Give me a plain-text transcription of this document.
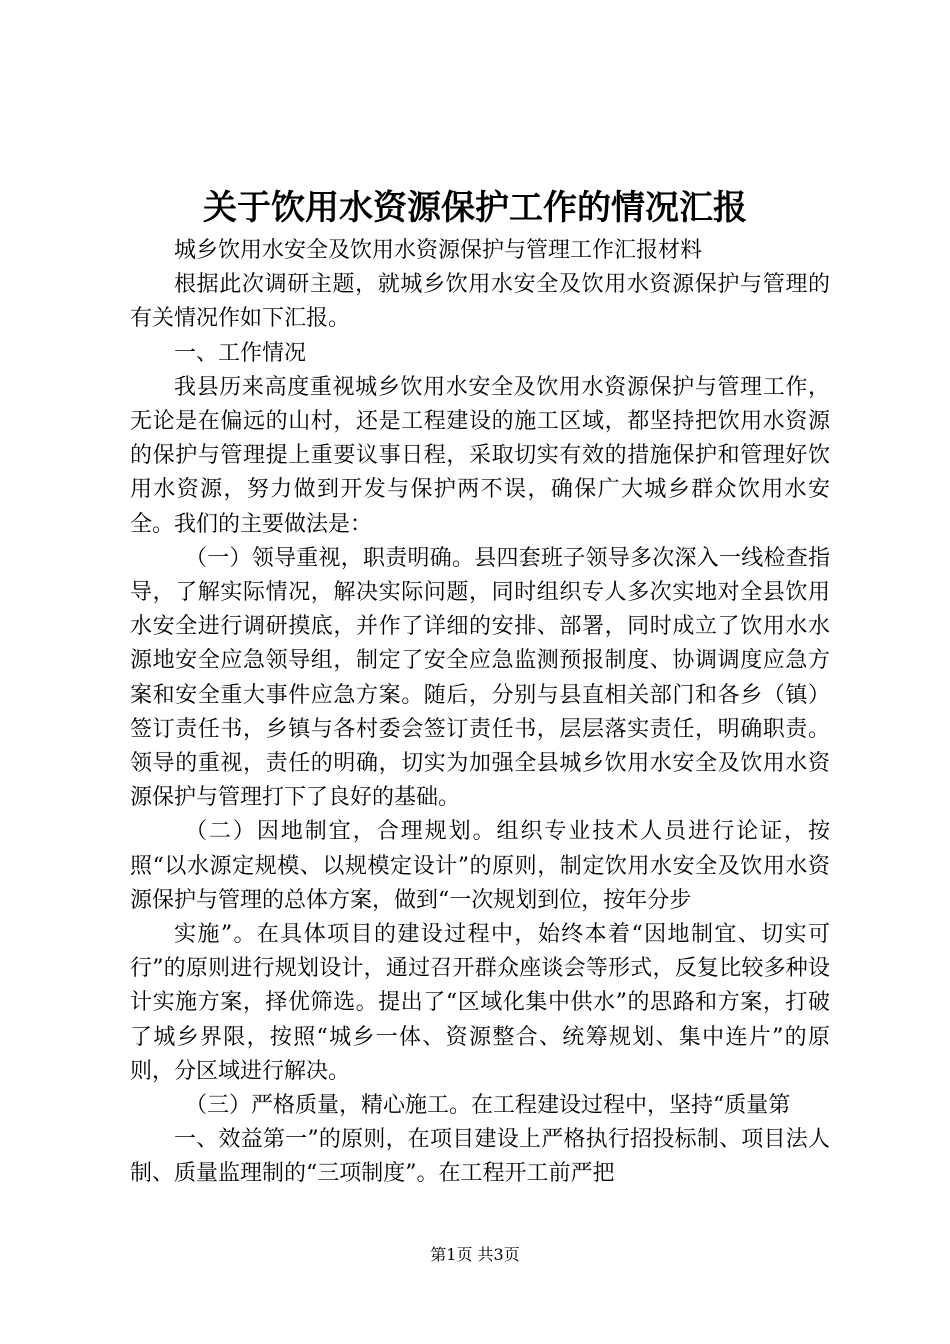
关于饮用水资源保护工作的情况汇报

城乡饮用水安全及饮用水资源保护与管理工作汇报材料

根据此次调研主题，就城乡饮用水安全及饮用水资源保护与管理的有关情况作如下汇报。

一、工作情况

我县历来高度重视城乡饮用水安全及饮用水资源保护与管理工作，无论是在偏远的山村，还是工程建设的施工区域，都坚持把饮用水资源的保护与管理提上重要议事日程，采取切实有效的措施保护和管理好饮用水资源，努力做到开发与保护两不误，确保广大城乡群众饮用水安全。我们的主要做法是：

（一）领导重视，职责明确。县四套班子领导多次深入一线检查指导，了解实际情况，解决实际问题，同时组织专人多次实地对全县饮用水安全进行调研摸底，并作了详细的安排、部署，同时成立了饮用水水源地安全应急领导组，制定了安全应急监测预报制度、协调调度应急方案和安全重大事件应急方案。随后，分别与县直相关部门和各乡（镇）签订责任书，乡镇与各村委会签订责任书，层层落实责任，明确职责。领导的重视，责任的明确，切实为加强全县城乡饮用水安全及饮用水资源保护与管理打下了良好的基础。

（二）因地制宜，合理规划。组织专业技术人员进行论证，按照“以水源定规模、以规模定设计”的原则，制定饮用水安全及饮用水资源保护与管理的总体方案，做到“一次规划到位，按年分步

实施”。在具体项目的建设过程中，始终本着“因地制宜、切实可行”的原则进行规划设计，通过召开群众座谈会等形式，反复比较多种设计实施方案，择优筛选。提出了“区域化集中供水”的思路和方案，打破了城乡界限，按照“城乡一体、资源整合、统筹规划、集中连片”的原则，分区域进行解决。

（三）严格质量，精心施工。在工程建设过程中，坚持“质量第

一、效益第一”的原则，在项目建设上严格执行招投标制、项目法人制、质量监理制的“三项制度”。在工程开工前严把

第1页 共3页
